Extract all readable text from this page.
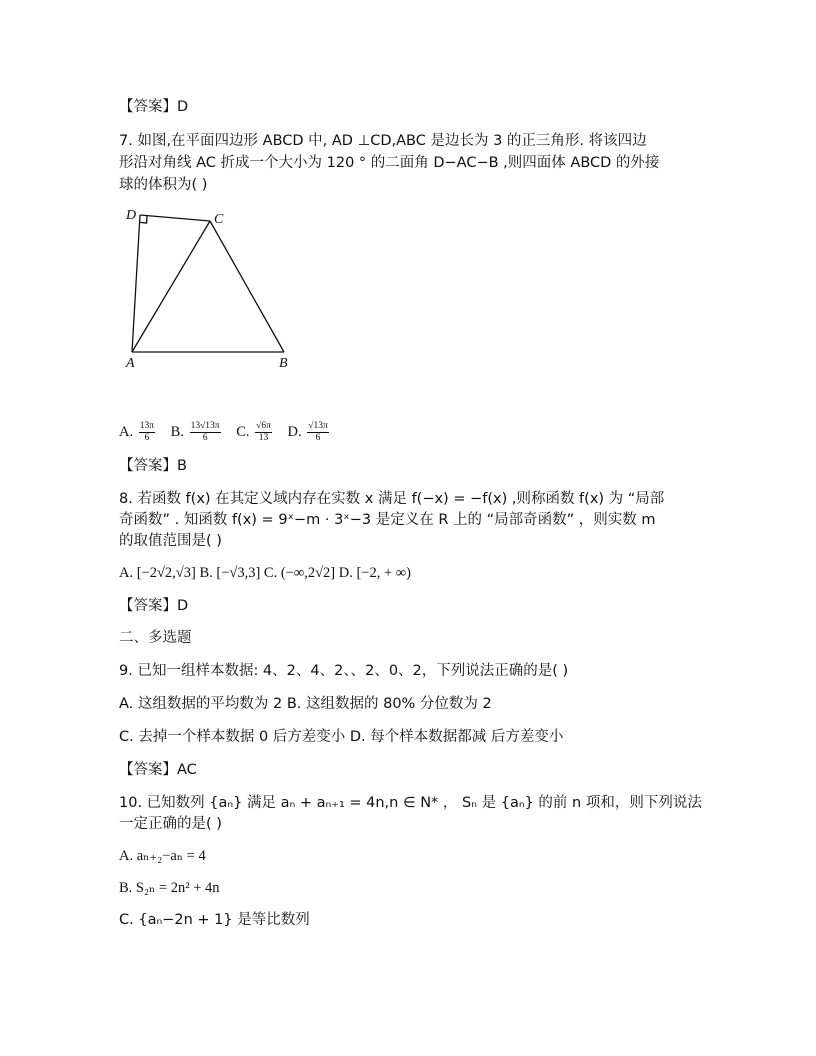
【答案】D
7. 如图,在平面四边形 ABCD 中, AD ⊥CD,ABC 是边长为 3 的正三角形. 将该四边
形沿对角线 AC 折成一个大小为 120 ° 的二面角 D−AC−B ,则四面体 ABCD 的外接
球的体积为( )
D	C
A	B
A. $\frac{13\pi}{6} B$. $\frac{13√13\pi}{6} C$. $\frac{√6\pi}{13} D$. $\frac{√13\pi}{6}$
【答案】B
8. 若函数 f(x) 在其定义域内存在实数 x 满足 f(−x) = −f(x) ,则称函数 f(x) 为 “局部
奇函数” . 知函数 f(x) = 9ˣ−m · 3ˣ−3 是定义在 R 上的 “局部奇函数” ，则实数 m
的取值范围是( )
A. [−2√2,√3] B. [−√3,3] C. (−∞,2√2] D. [−2, + ∞)
【答案】D
二、多选题
9. 已知一组样本数据: 4、2、4、2、、2、0、2，下列说法正确的是( )
A. 这组数据的平均数为 2 B. 这组数据的 80% 分位数为 2
C. 去掉一个样本数据 0 后方差变小 D. 每个样本数据都减 后方差变小
【答案】AC
10. 已知数列 {aₙ} 满足 aₙ + aₙ₊₁ = 4n,n ∈ N* ， Sₙ 是 {aₙ} 的前 n 项和，则下列说法
一定正确的是( )
A. aₙ₊₂−aₙ = 4
B. S₂ₙ = 2n² + 4n
C. {aₙ−2n + 1} 是等比数列
